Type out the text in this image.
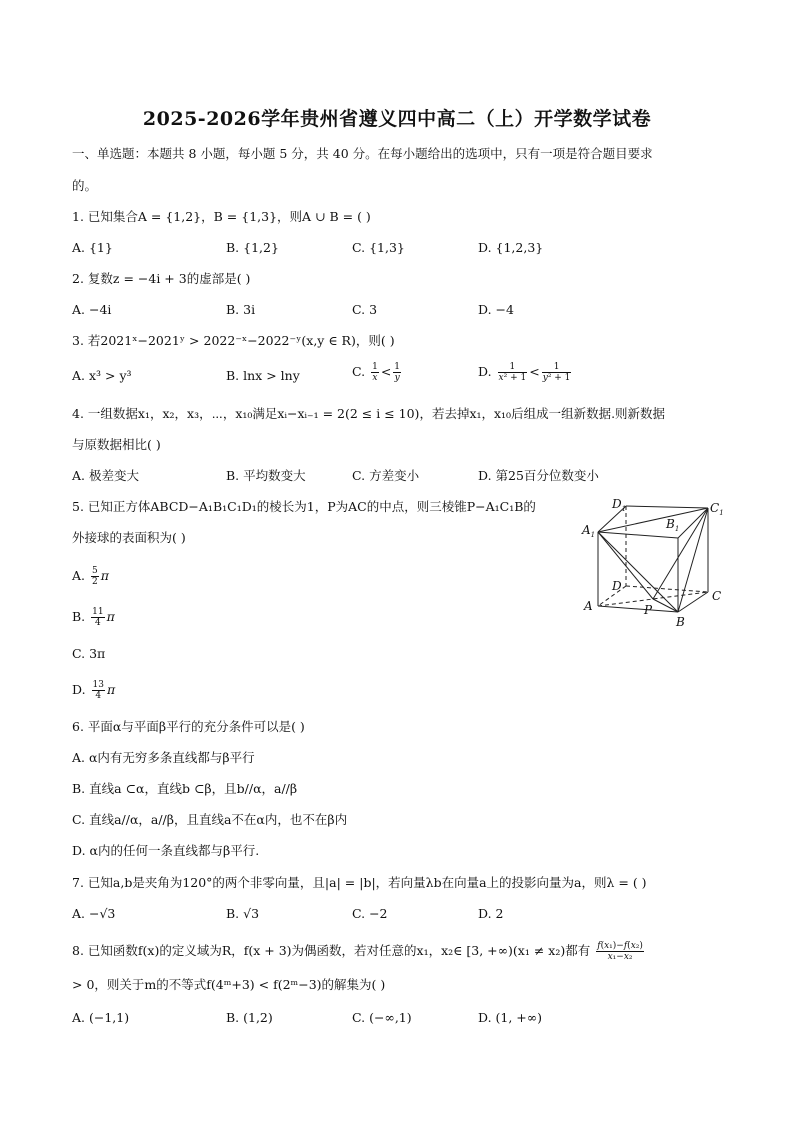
2025-2026学年贵州省遵义四中高二（上）开学数学试卷
一、单选题：本题共 8 小题，每小题 5 分，共 40 分。在每小题给出的选项中，只有一项是符合题目要求
的。
1. 已知集合A = {1,2}，B = {1,3}，则A ∪ B = ( )
A. {1}	B. {1,2}	C. {1,3}	D. {1,2,3}
2. 复数z = −4i + 3的虚部是( )
A. −4i	B. 3i	C. 3	D. −4
3. 若2021ˣ−2021ʸ > 2022⁻ˣ−2022⁻ʸ(x,y ∈ R)，则( )
A. x³ > y³	B. lnx > lny	C. $\frac{1}{x} < \frac{1}{y}$	D. $\frac{1}{\text{x² + 1}} < \frac{1}{\text{y² + 1}}$
4. 一组数据x₁，x₂，x₃，⋯，x₁₀满足xᵢ−xᵢ₋₁ = 2(2 ≤ i ≤ 10)，若去掉x₁，x₁₀后组成一组新数据.则新数据
与原数据相比( )
A. 极差变大	B. 平均数变大	C. 方差变小	D. 第25百分位数变小
5. 已知正方体ABCD−A₁B₁C₁D₁的棱长为1，P为AC的中点，则三棱锥P−A₁C₁B的
外接球的表面积为( )
A. $\frac{5}{2}$ π
B. $\frac{11}{4}$ π
C. 3π
D. $\frac{13}{4}$ π
$D_1$
$B_1$
$C_1$
$A_1$
D
C
A	P
B
6. 平面α与平面β平行的充分条件可以是( )
A. α内有无穷多条直线都与β平行
B. 直线a ⊂α，直线b ⊂β，且b//α，a//β
C. 直线a//α，a//β，且直线a不在α内，也不在β内
D. α内的任何一条直线都与β平行.
7. 已知a,b是夹角为120°的两个非零向量，且|a| = |b|，若向量λb在向量a上的投影向量为a，则λ = ( )
A. −√3	B. √3	C. −2	D. 2
8. 已知函数f(x)的定义域为R，f(x + 3)为偶函数，若对任意的x₁，x₂∈ [3, +∞)(x₁ ≠ x₂)都有 $\frac{\text{f(x₁)−f(x₂)}}{\text{x₁−x₂}}$
> 0，则关于m的不等式f(4ᵐ+3) < f(2ᵐ−3)的解集为( )
A. (−1,1)	B. (1,2)	C. (−∞,1)	D. (1, +∞)
